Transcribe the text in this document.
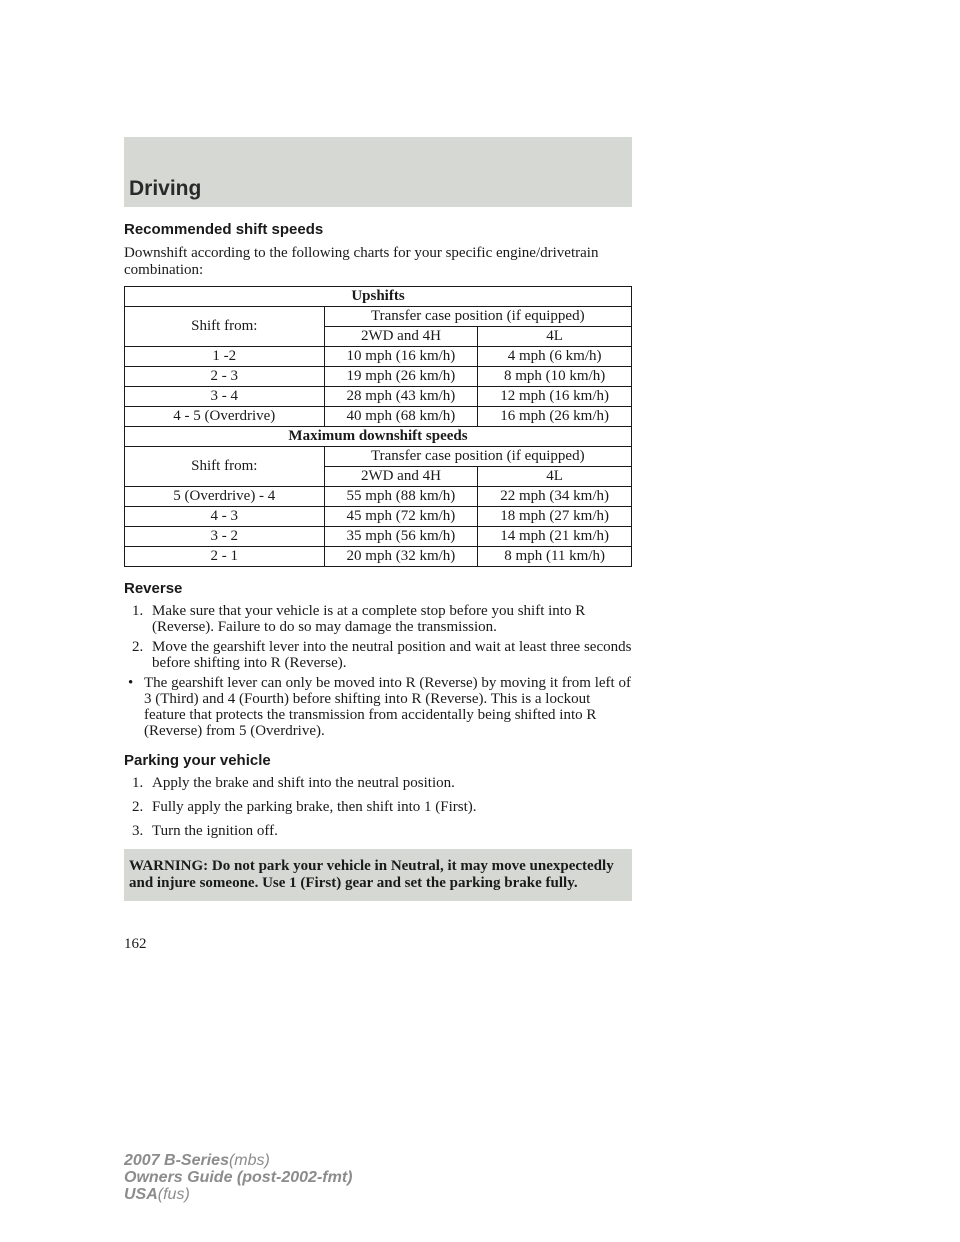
Driving
Recommended shift speeds

Downshift according to the following charts for your specific engine/drivetrain combination:

Upshifts		
Shift from:	Transfer case position (if equipped)	
	2WD and 4H	4L
1 -2	10 mph (16 km/h)	4 mph (6 km/h)
2 - 3	19 mph (26 km/h)	8 mph (10 km/h)
3 - 4	28 mph (43 km/h)	12 mph (16 km/h)
4 - 5 (Overdrive)	40 mph (68 km/h)	16 mph (26 km/h)
Maximum downshift speeds		
Shift from:	Transfer case position (if equipped)	
	2WD and 4H	4L
5 (Overdrive) - 4	55 mph (88 km/h)	22 mph (34 km/h)
4 - 3	45 mph (72 km/h)	18 mph (27 km/h)
3 - 2	35 mph (56 km/h)	14 mph (21 km/h)
2 - 1	20 mph (32 km/h)	8 mph (11 km/h)
Reverse
1. Make sure that your vehicle is at a complete stop before you shift into R (Reverse). Failure to do so may damage the transmission.
2. Move the gearshift lever into the neutral position and wait at least three seconds before shifting into R (Reverse).
• The gearshift lever can only be moved into R (Reverse) by moving it from left of 3 (Third) and 4 (Fourth) before shifting into R (Reverse). This is a lockout feature that protects the transmission from accidentally being shifted into R (Reverse) from 5 (Overdrive).
Parking your vehicle
1. Apply the brake and shift into the neutral position.
2. Fully apply the parking brake, then shift into 1 (First).
3. Turn the ignition off.
WARNING: Do not park your vehicle in Neutral, it may move unexpectedly and injure someone. Use 1 (First) gear and set the parking brake fully.
162
2007 B-Series(mbs)
Owners Guide (post-2002-fmt)
USA(fus)
